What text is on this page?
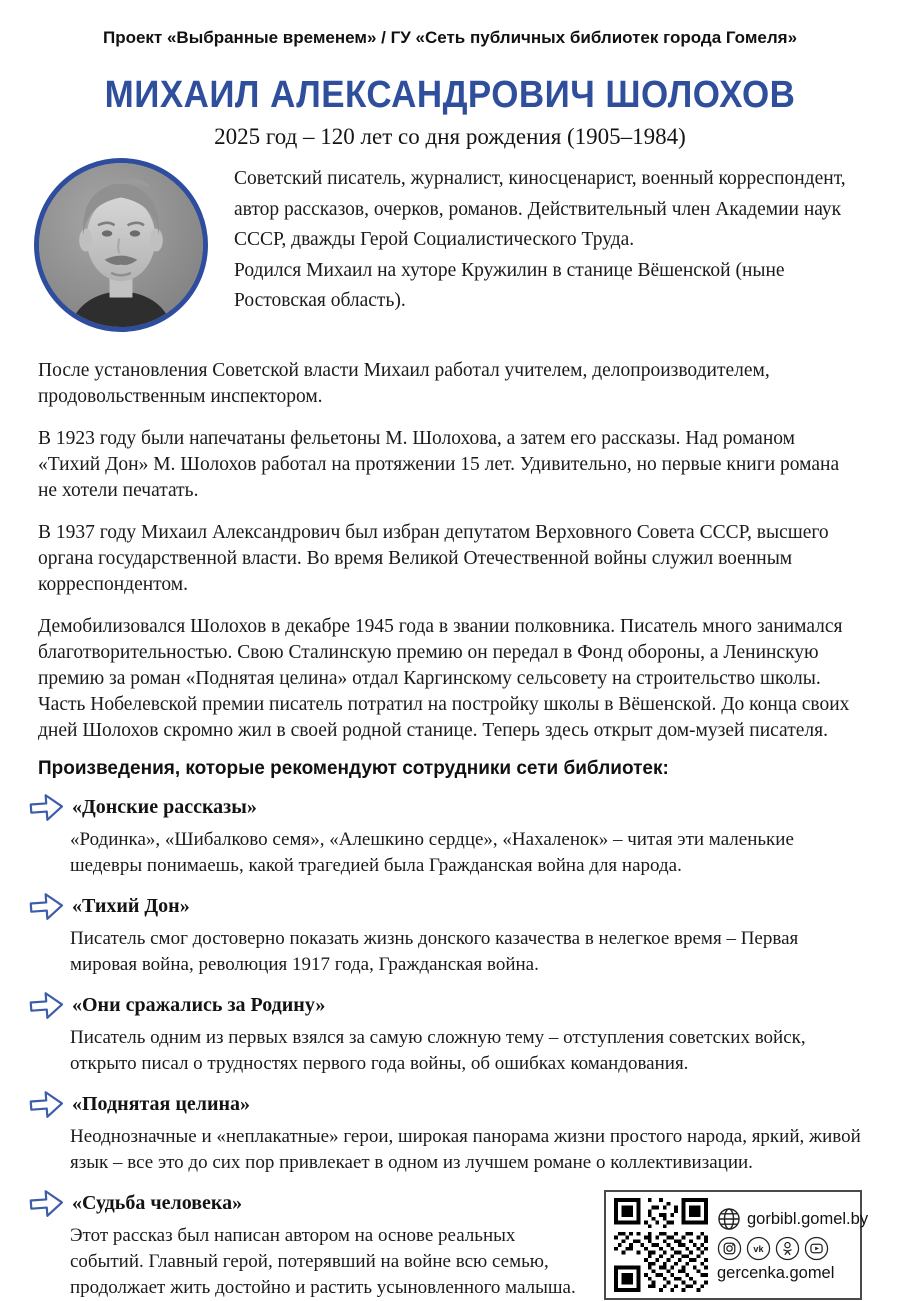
Проект «Выбранные временем» / ГУ «Сеть публичных библиотек города Гомеля»
МИХАИЛ АЛЕКСАНДРОВИЧ ШОЛОХОВ
2025 год – 120 лет со дня рождения (1905–1984)

Советский писатель, журналист, киносценарист, военный корреспондент, автор рассказов, очерков, романов. Действительный член Академии наук СССР, дважды Герой Социалистического Труда.

Родился Михаил на хуторе Кружилин в станице Вёшенской (ныне Ростовская область).

После установления Советской власти Михаил работал учителем, делопроизводителем, продовольственным инспектором.

В 1923 году были напечатаны фельетоны М. Шолохова, а затем его рассказы. Над романом «Тихий Дон» М. Шолохов работал на протяжении 15 лет. Удивительно, но первые книги романа не хотели печатать.

В 1937 году Михаил Александрович был избран депутатом Верховного Совета СССР, высшего органа государственной власти. Во время Великой Отечественной войны служил военным корреспондентом.

Демобилизовался Шолохов в декабре 1945 года в звании полковника. Писатель много занимался благотворительностью. Свою Сталинскую премию он передал в Фонд обороны, а Ленинскую премию за роман «Поднятая целина» отдал Каргинскому сельсовету на строительство школы. Часть Нобелевской премии писатель потратил на постройку школы в Вёшенской. До конца своих дней Шолохов скромно жил в своей родной станице. Теперь здесь открыт дом-музей писателя.

Произведения, которые рекомендуют сотрудники сети библиотек:
«Донские рассказы»

«Родинка», «Шибалково семя», «Алешкино сердце», «Нахаленок» – читая эти маленькие шедевры понимаешь, какой трагедией была Гражданская война для народа.

«Тихий Дон»

Писатель смог достоверно показать жизнь донского казачества в нелегкое время – Первая мировая война, революция 1917 года, Гражданская война.

«Они сражались за Родину»

Писатель одним из первых взялся за самую сложную тему – отступления советских войск, открыто писал о трудностях первого года войны, об ошибках командования.

«Поднятая целина»

Неоднозначные и «неплакатные» герои, широкая панорама жизни простого народа, яркий, живой язык – все это до сих пор привлекает в одном из лучшем романе о коллективизации.

gorbibl.gomel.by
vk
gercenka.gomel
«Судьба человека»

Этот рассказ был написан автором на основе реальных событий. Главный герой, потерявший на войне всю семью, продолжает жить достойно и растить усыновленного малыша.
